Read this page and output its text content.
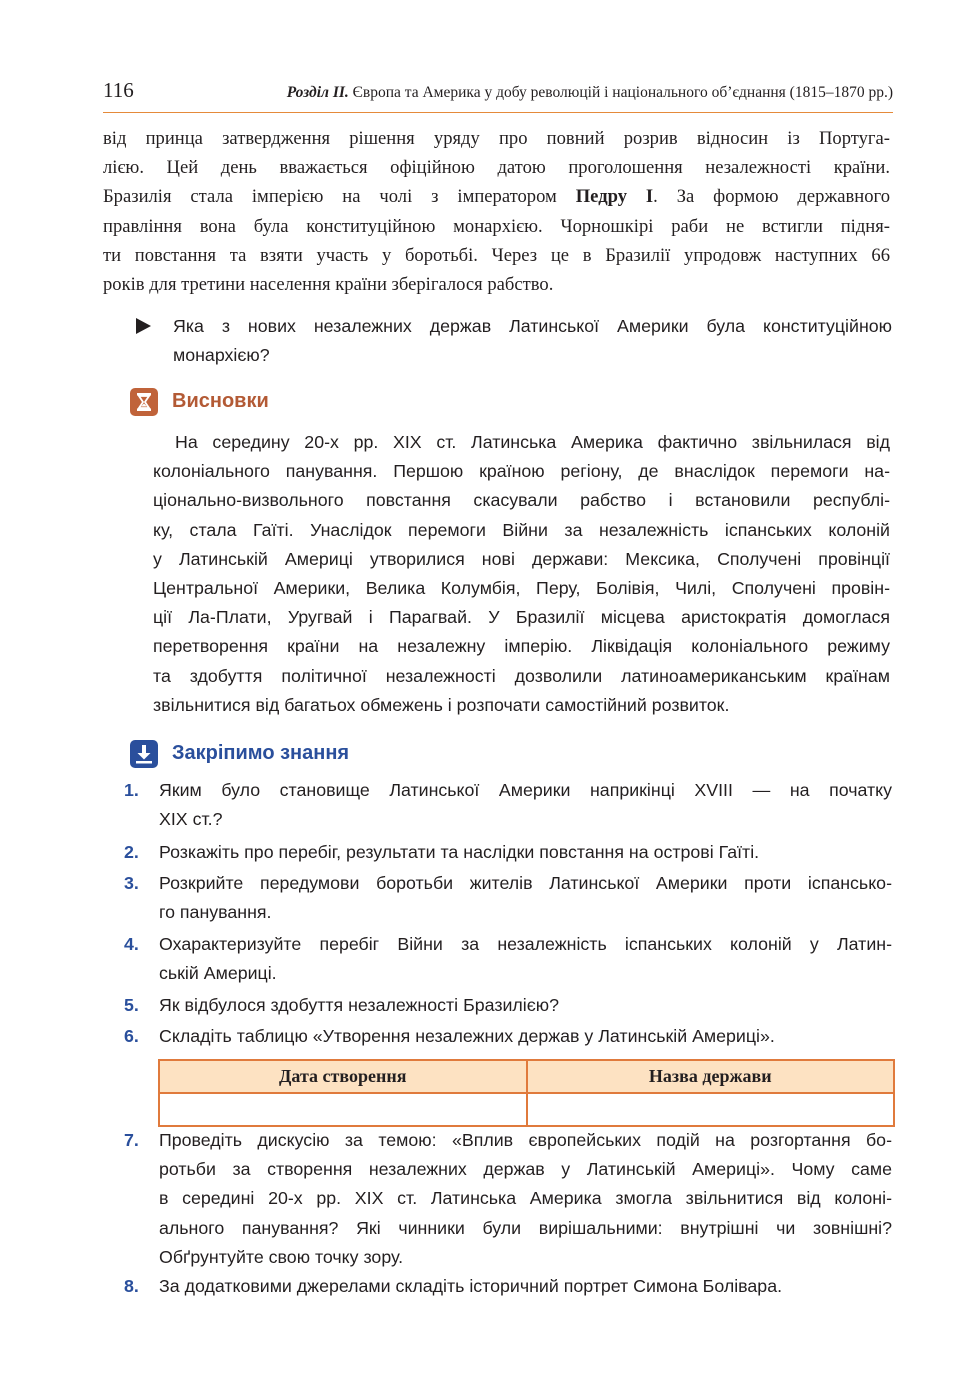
116	Розділ ІІ. Європа та Америка у добу революцій і національного об’єднання (1815–1870 рр.)
від принца затвердження рішення уряду про повний розрив відносин із Португа-
лією. Цей день вважається офіційною датою проголошення незалежності країни.
Бразилія стала імперією на чолі з імператором Педру І. За формою державного
правління вона була конституційною монархією. Чорношкірі раби не встигли підня-
ти повстання та взяти участь у боротьбі. Через це в Бразилії упродовж наступних 66
років для третини населення країни зберігалося рабство.
Яка з нових незалежних держав Латинської Америки була конституційною
монархією?
Висновки
На середину 20-х рр. ХІХ ст. Латинська Америка фактично звільнилася від
колоніального панування. Першою країною регіону, де внаслідок перемоги на-
ціонально-визвольного повстання скасували рабство і встановили республі-
ку, стала Гаїті. Унаслідок перемоги Війни за незалежність іспанських колоній
у Латинській Америці утворилися нові держави: Мексика, Сполучені провінції
Центральної Америки, Велика Колумбія, Перу, Болівія, Чилі, Сполучені провін-
ції Ла-Плати, Уругвай і Парагвай. У Бразилії місцева аристократія домоглася
перетворення країни на незалежну імперію. Ліквідація колоніального режиму
та здобуття політичної незалежності дозволили латиноамериканським країнам
звільнитися від багатьох обмежень і розпочати самостійний розвиток.
Закріпимо знання
1. Яким було становище Латинської Америки наприкінці XVIII — на початку
XIX ст.?
2. Розкажіть про перебіг, результати та наслідки повстання на острові Гаїті.
3. Розкрийте передумови боротьби жителів Латинської Америки проти іспансько-
го панування.
4. Охарактеризуйте перебіг Війни за незалежність іспанських колоній у Латин-
ській Америці.
5. Як відбулося здобуття незалежності Бразилією?
6. Складіть таблицю «Утворення незалежних держав у Латинській Америці».
7. Проведіть дискусію за темою: «Вплив європейських подій на розгортання бо-
ротьби за створення незалежних держав у Латинській Америці». Чому саме
в середині 20-х рр. ХІХ ст. Латинська Америка змогла звільнитися від колоні-
ального панування? Які чинники були вирішальними: внутрішні чи зовнішні?
Обґрунтуйте свою точку зору.
8. За додатковими джерелами складіть історичний портрет Симона Болівара.
Дата створення	Назва держави
